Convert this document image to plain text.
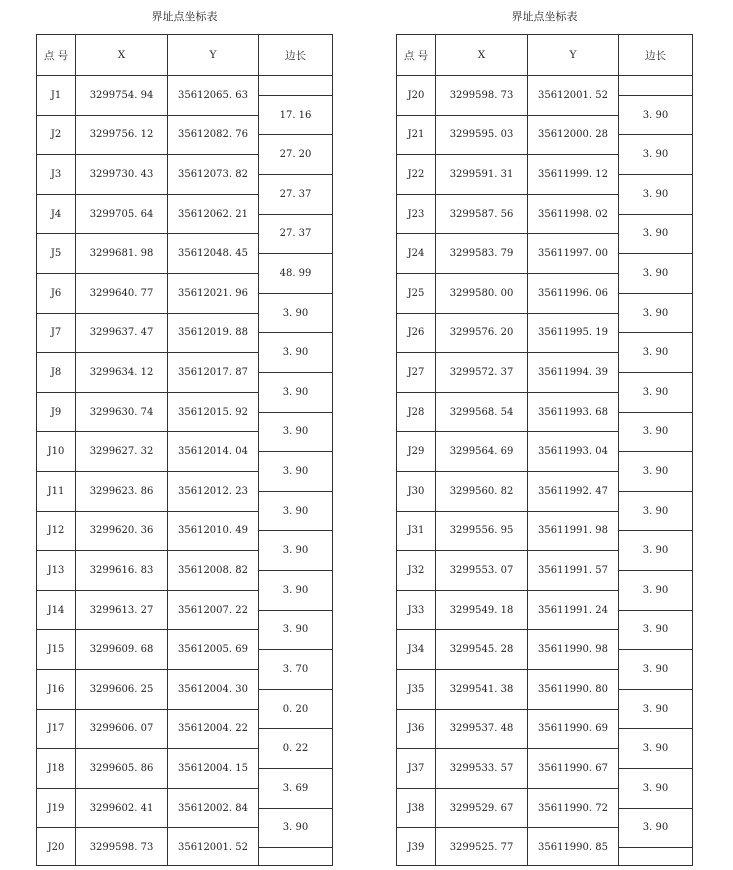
界址点坐标表	界址点坐标表
点 号
J1
J2
J3
J4
J5
J6
J7
J8
J9
J10
J11
J12
J13
J14
J15
J16
J17
J18
J19
J20
X
3299754. 94
3299756. 12
3299730. 43
3299705. 64
3299681. 98
3299640. 77
3299637. 47
3299634. 12
3299630. 74
3299627. 32
3299623. 86
3299620. 36
3299616. 83
3299613. 27
3299609. 68
3299606. 25
3299606. 07
3299605. 86
3299602. 41
3299598. 73
Y
35612065. 63
35612082. 76
35612073. 82
35612062. 21
35612048. 45
35612021. 96
35612019. 88
35612017. 87
35612015. 92
35612014. 04
35612012. 23
35612010. 49
35612008. 82
35612007. 22
35612005. 69
35612004. 30
35612004. 22
35612004. 15
35612002. 84
35612001. 52
边长
17. 16
27. 20
27. 37
27. 37
48. 99
3. 90
3. 90
3. 90
3. 90
3. 90
3. 90
3. 90
3. 90
3. 90
3. 70
0. 20
0. 22
3. 69
3. 90
点 号
J20
J21
J22
J23
J24
J25
J26
J27
J28
J29
J30
J31
J32
J33
J34
J35
J36
J37
J38
J39
X
3299598. 73
3299595. 03
3299591. 31
3299587. 56
3299583. 79
3299580. 00
3299576. 20
3299572. 37
3299568. 54
3299564. 69
3299560. 82
3299556. 95
3299553. 07
3299549. 18
3299545. 28
3299541. 38
3299537. 48
3299533. 57
3299529. 67
3299525. 77
Y
35612001. 52
35612000. 28
35611999. 12
35611998. 02
35611997. 00
35611996. 06
35611995. 19
35611994. 39
35611993. 68
35611993. 04
35611992. 47
35611991. 98
35611991. 57
35611991. 24
35611990. 98
35611990. 80
35611990. 69
35611990. 67
35611990. 72
35611990. 85
边长
3. 90
3. 90
3. 90
3. 90
3. 90
3. 90
3. 90
3. 90
3. 90
3. 90
3. 90
3. 90
3. 90
3. 90
3. 90
3. 90
3. 90
3. 90
3. 90
